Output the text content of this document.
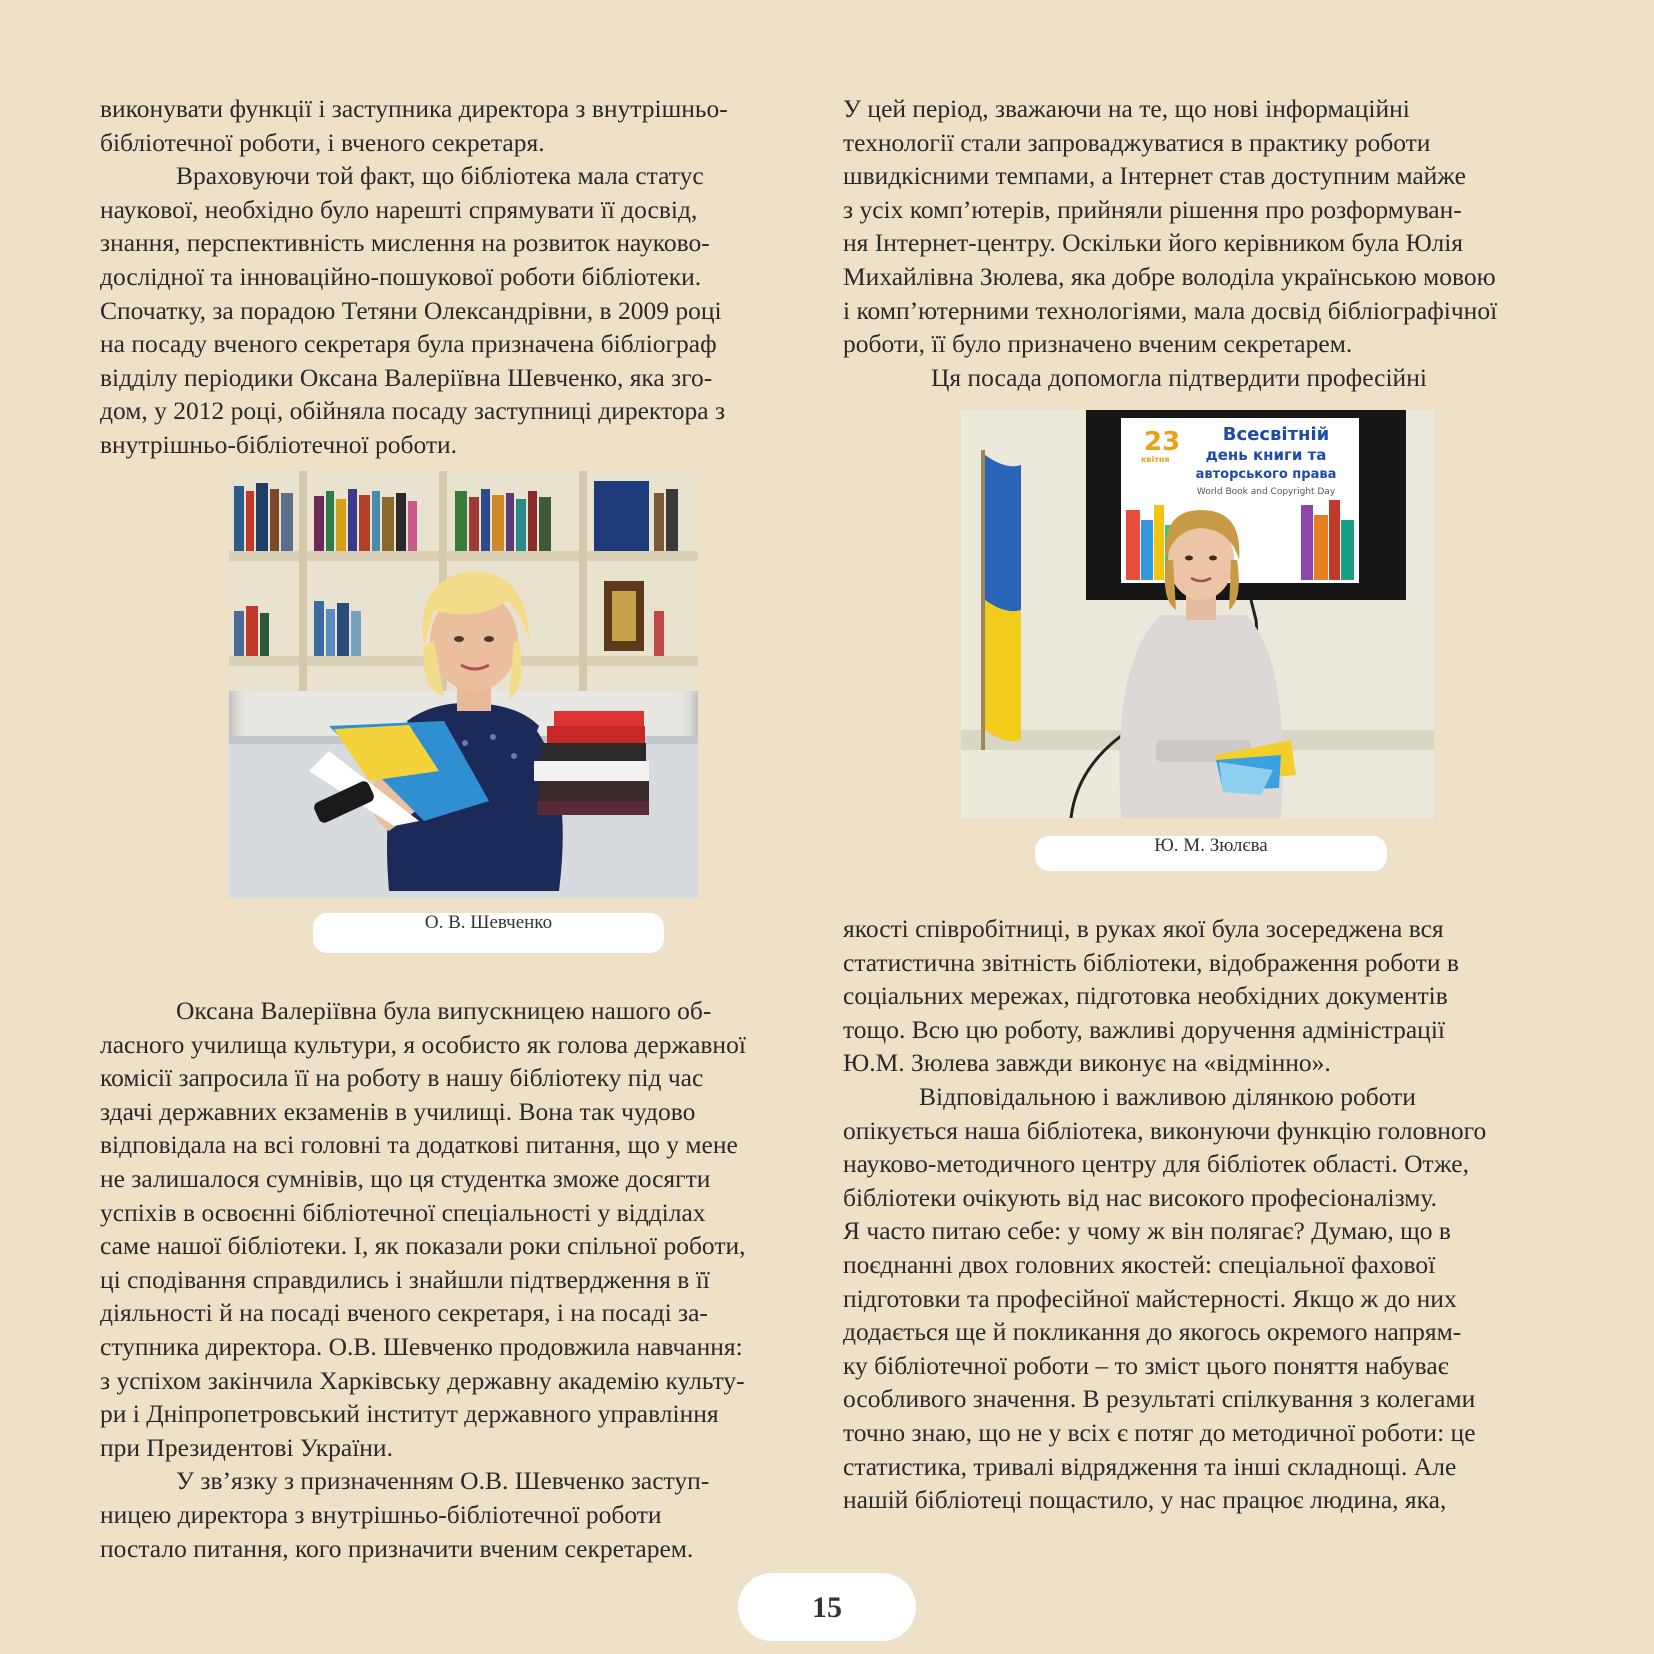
виконувати функції і заступника директора з внутрішньо-

бібліотечної роботи, і вченого секретаря.

Враховуючи той факт, що бібліотека мала статус

наукової, необхідно було нарешті спрямувати її досвід,

знання, перспективність мислення на розвиток науково-

дослідної та інноваційно-пошукової роботи бібліотеки.

Спочатку, за порадою Тетяни Олександрівни, в 2009 році

на посаду вченого секретаря була призначена бібліограф

відділу періодики Оксана Валеріївна Шевченко, яка зго-

дом, у 2012 році, обійняла посаду заступниці директора з

внутрішньо-бібліотечної роботи.

О. В. Шевченко

Оксана Валеріївна була випускницею нашого об-

ласного училища культури, я особисто як голова державної

комісії запросила її на роботу в нашу бібліотеку під час

здачі державних екзаменів в училищі. Вона так чудово

відповідала на всі головні та додаткові питання, що у мене

не залишалося сумнівів, що ця студентка зможе досягти

успіхів в освоєнні бібліотечної спеціальності у відділах

саме нашої бібліотеки. І, як показали роки спільної роботи,

ці сподівання справдились і знайшли підтвердження в її

діяльності й на посаді вченого секретаря, і на посаді за-

ступника директора. О.В. Шевченко продовжила навчання:

з успіхом закінчила Харківську державну академію культу-

ри і Дніпропетровський інститут державного управління

при Президентові України.

У зв’язку з призначенням О.В. Шевченко заступ-

ницею директора з внутрішньо-бібліотечної роботи

постало питання, кого призначити вченим секретарем.

У цей період, зважаючи на те, що нові інформаційні

технології стали запроваджуватися в практику роботи

швидкісними темпами, а Інтернет став доступним майже

з усіх комп’ютерів, прийняли рішення про розформуван-

ня Інтернет-центру. Оскільки його керівником була Юлія

Михайлівна Зюлева, яка добре володіла українською мовою

і комп’ютерними технологіями, мала досвід бібліографічної

роботи, її було призначено вченим секретарем.

Ця посада допомогла підтвердити професійні

23
квітня
Всесвітній
день книги та
авторського права
World Book and Copyright Day
Ю. М. Зюлєва

якості співробітниці, в руках якої була зосереджена вся

статистична звітність бібліотеки, відображення роботи в

соціальних мережах, підготовка необхідних документів

тощо. Всю цю роботу, важливі доручення адміністрації

Ю.М. Зюлева завжди виконує на «відмінно».

Відповідальною і важливою ділянкою роботи

опікується наша бібліотека, виконуючи функцію головного

науково-методичного центру для бібліотек області. Отже,

бібліотеки очікують від нас високого професіоналізму.

Я часто питаю себе: у чому ж він полягає? Думаю, що в

поєднанні двох головних якостей: спеціальної фахової

підготовки та професійної майстерності. Якщо ж до них

додається ще й покликання до якогось окремого напрям-

ку бібліотечної роботи – то зміст цього поняття набуває

особливого значення. В результаті спілкування з колегами

точно знаю, що не у всіх є потяг до методичної роботи: це

статистика, тривалі відрядження та інші складнощі. Але

нашій бібліотеці пощастило, у нас працює людина, яка,

15
